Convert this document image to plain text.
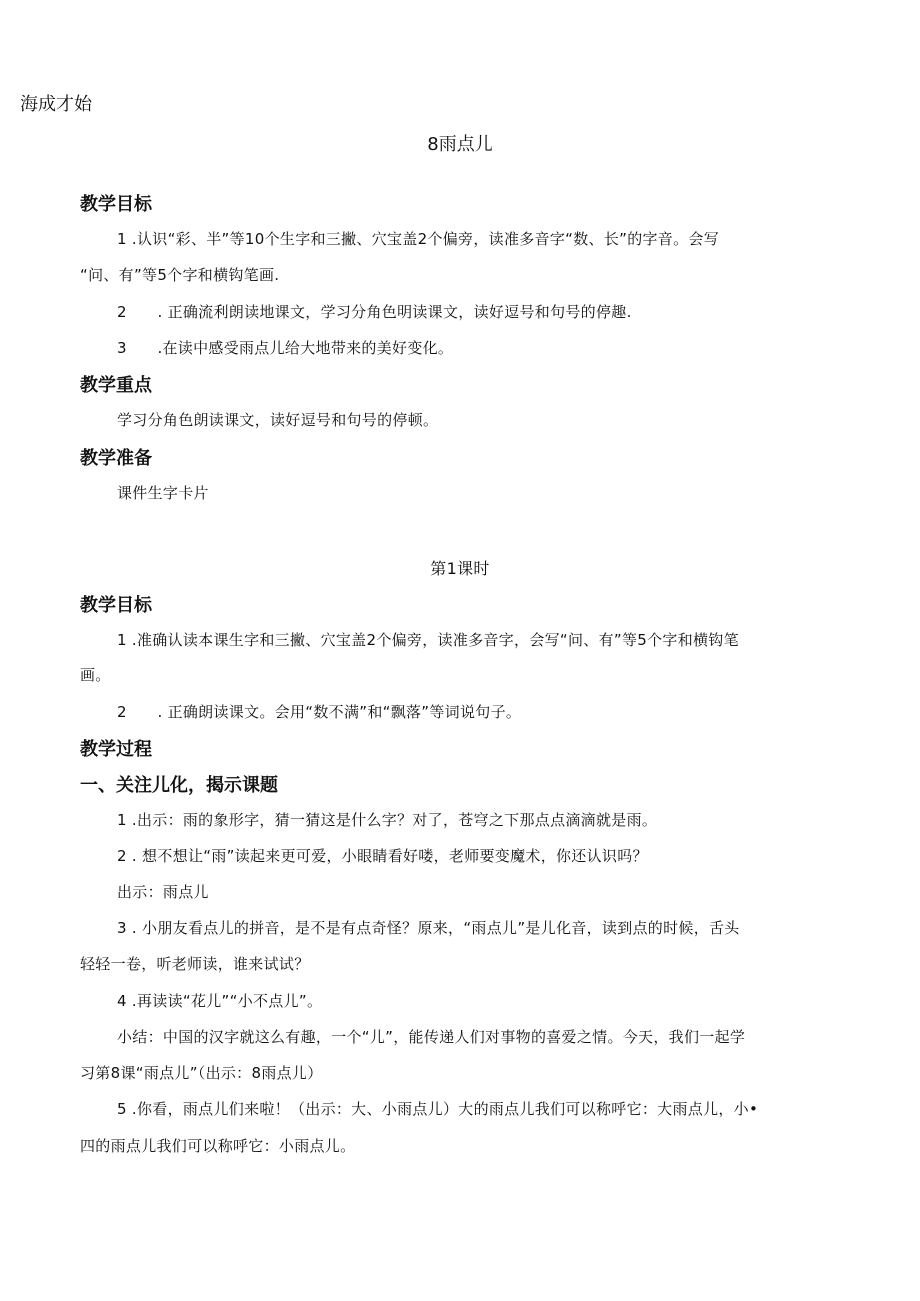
海成才始

8雨点儿

教学目标

1 .认识“彩、半”等10个生字和三撇、穴宝盖2个偏旁，读准多音字“数、长”的字音。会写

“问、有”等5个字和横钩笔画.

2　　. 正确流利朗读地课文，学习分角色明读课文，读好逗号和句号的停趣.

3　　.在读中感受雨点儿给大地带来的美好变化。

教学重点

学习分角色朗读课文，读好逗号和句号的停顿。

教学准备

课件生字卡片

第1课时

教学目标

1 .准确认读本课生字和三撇、穴宝盖2个偏旁，读准多音字，会写“问、有”等5个字和横钩笔

画。

2　　. 正确朗读课文。会用“数不满”和“飘落”等词说句子。

教学过程

一、关注儿化，揭示课题

1 .出示：雨的象形字，猜一猜这是什么字？对了，苍穹之下那点点滴滴就是雨。

2 . 想不想让“雨”读起来更可爱，小眼睛看好喽，老师要变魔术，你还认识吗？

出示：雨点儿

3 . 小朋友看点儿的拼音，是不是有点奇怪？原来，“雨点儿”是儿化音，读到点的时候，舌头

轻轻一卷，听老师读，谁来试试？

4 .再读读“花儿”“小不点儿”。

小结：中国的汉字就这么有趣，一个“儿”，能传递人们对事物的喜爱之情。今天，我们一起学

习第8课“雨点儿”（出示：8雨点儿）

5 .你看，雨点儿们来啦！（出示：大、小雨点儿）大的雨点儿我们可以称呼它：大雨点儿，小•

四的雨点儿我们可以称呼它：小雨点儿。
